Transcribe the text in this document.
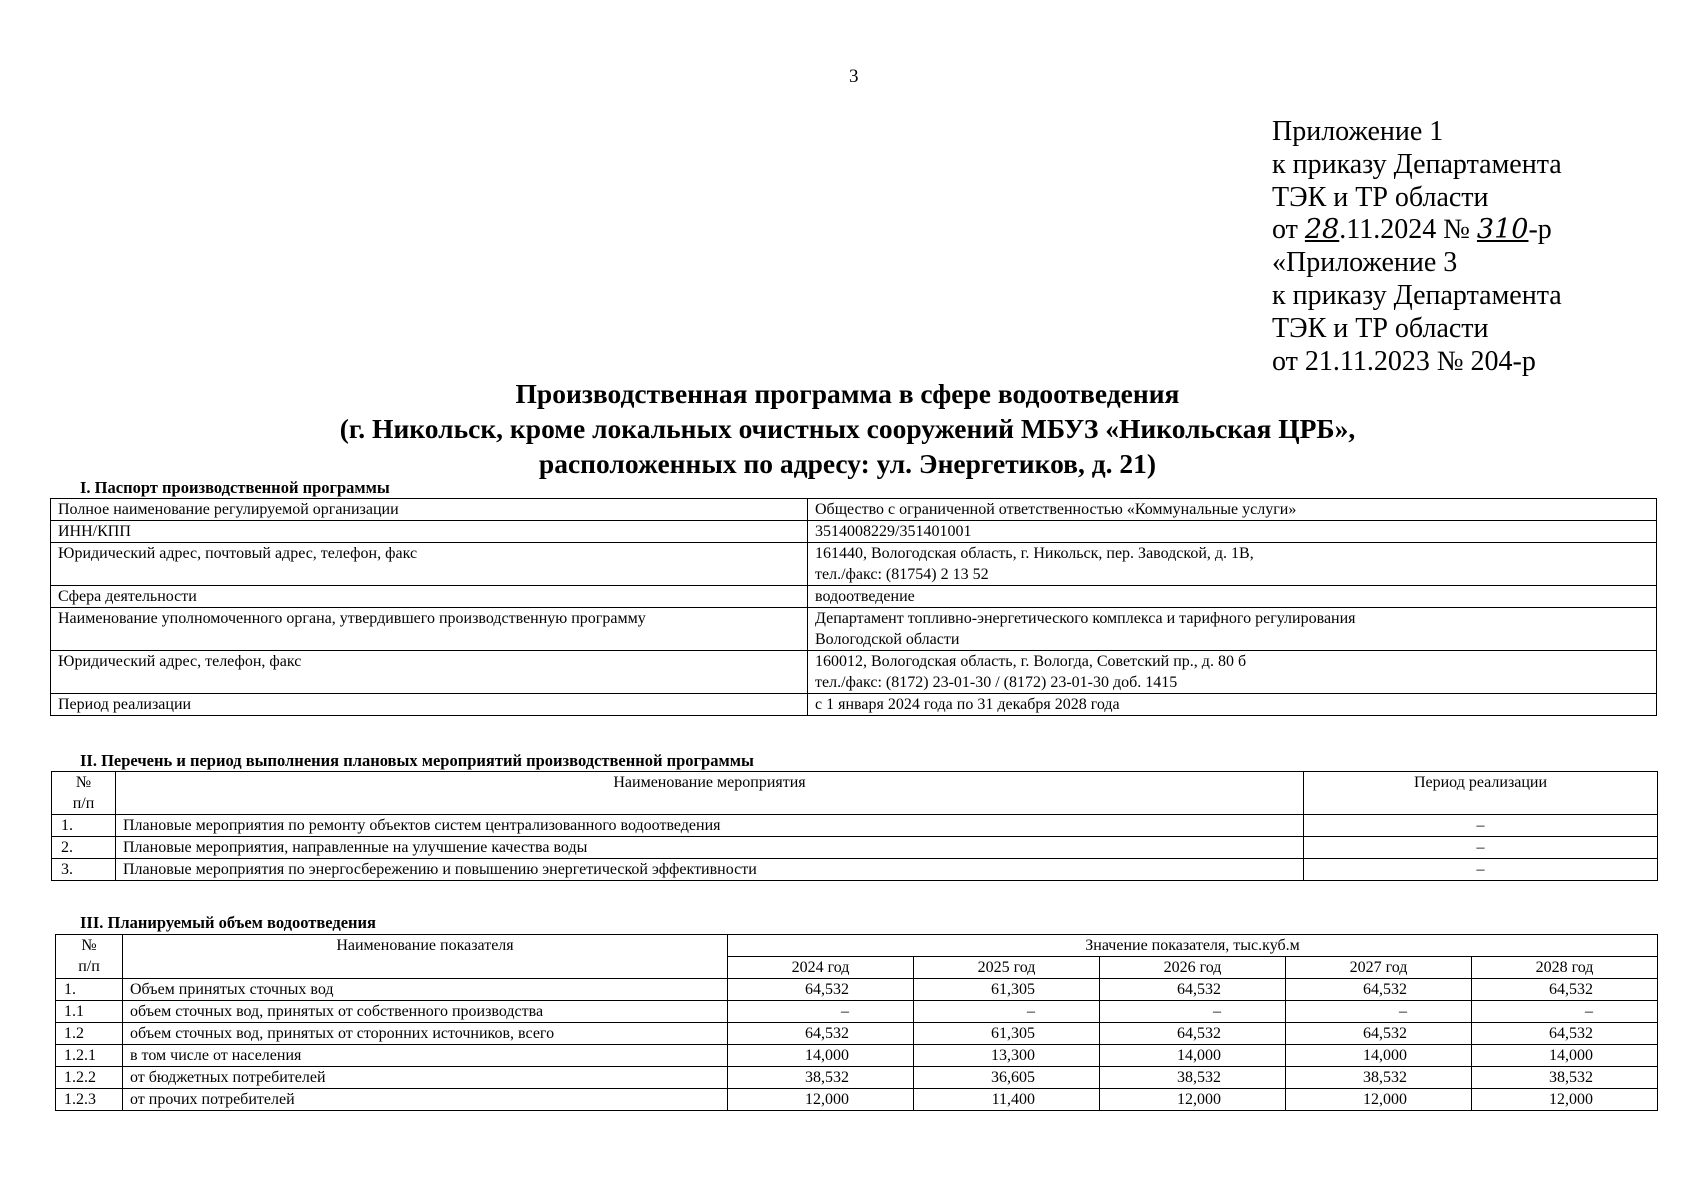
3
Приложение 1
к приказу Департамента
ТЭК и ТР области
от 28.11.2024 № 310-р
«Приложение 3
к приказу Департамента
ТЭК и ТР области
от 21.11.2023 № 204-р
Производственная программа в сфере водоотведения
(г. Никольск, кроме локальных очистных сооружений МБУЗ «Никольская ЦРБ»,
расположенных по адресу: ул. Энергетиков, д. 21)
I. Паспорт производственной программы
Полное наименование регулируемой организации	Общество с ограниченной ответственностью «Коммунальные услуги»
ИНН/КПП	3514008229/351401001
Юридический адрес, почтовый адрес, телефон, факс	161440, Вологодская область, г. Никольск, пер. Заводской, д. 1В,
тел./факс: (81754) 2 13 52

Сфера деятельности	водоотведение
Наименование уполномоченного органа, утвердившего производственную программу	Департамент топливно-энергетического комплекса и тарифного регулирования
Вологодской области

Юридический адрес, телефон, факс	160012, Вологодская область, г. Вологда, Советский пр., д. 80 б
тел./факс: (8172) 23-01-30 / (8172) 23-01-30 доб. 1415

Период реализации	с 1 января 2024 года по 31 декабря 2028 года
II. Перечень и период выполнения плановых мероприятий производственной программы
№
п/п	Наименование мероприятия	Период реализации
1.	Плановые мероприятия по ремонту объектов систем централизованного водоотведения	–
2.	Плановые мероприятия, направленные на улучшение качества воды	–
3.	Плановые мероприятия по энергосбережению и повышению энергетической эффективности	–
III. Планируемый объем водоотведения
№
п/п	Наименование показателя	Значение показателя, тыс.куб.м				
		2024 год	2025 год	2026 год	2027 год	2028 год
1.	Объем принятых сточных вод	64,532	61,305	64,532	64,532	64,532
1.1	объем сточных вод, принятых от собственного производства	–	–	–	–	–
1.2	объем сточных вод, принятых от сторонних источников, всего	64,532	61,305	64,532	64,532	64,532
1.2.1	в том числе от населения	14,000	13,300	14,000	14,000	14,000
1.2.2	от бюджетных потребителей	38,532	36,605	38,532	38,532	38,532
1.2.3	от прочих потребителей	12,000	11,400	12,000	12,000	12,000
